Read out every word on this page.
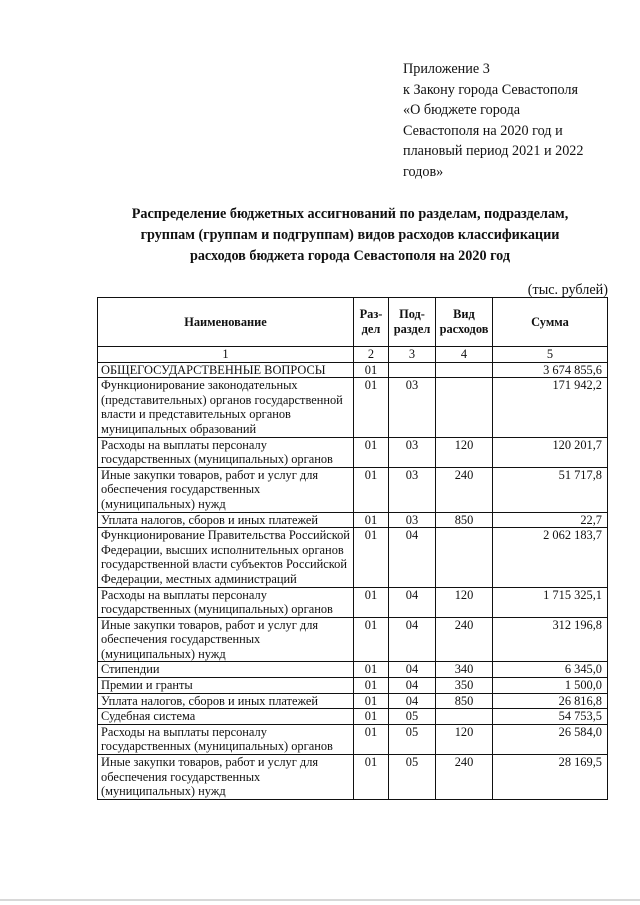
Приложение 3
к Закону города Севастополя
«О бюджете города
Севастополя на 2020 год и
плановый период 2021 и 2022
годов»
Распределение бюджетных ассигнований по разделам, подразделам,
группам (группам и подгруппам) видов расходов классификации
расходов бюджета города Севастополя на 2020 год
(тыс. рублей)
Наименование	Раз-дел	Под-раздел	Вид расходов	Сумма
1	2	3	4	5
ОБЩЕГОСУДАРСТВЕННЫЕ ВОПРОСЫ	01			3 674 855,6
Функционирование законодательных (представительных) органов государственной власти и представительных органов муниципальных образований	01	03		171 942,2
Расходы на выплаты персоналу государственных (муниципальных) органов	01	03	120	120 201,7
Иные закупки товаров, работ и услуг для обеспечения государственных (муниципальных) нужд	01	03	240	51 717,8
Уплата налогов, сборов и иных платежей	01	03	850	22,7
Функционирование Правительства Российской Федерации, высших исполнительных органов государственной власти субъектов Российской Федерации, местных администраций	01	04		2 062 183,7
Расходы на выплаты персоналу государственных (муниципальных) органов	01	04	120	1 715 325,1
Иные закупки товаров, работ и услуг для обеспечения государственных (муниципальных) нужд	01	04	240	312 196,8
Стипендии	01	04	340	6 345,0
Премии и гранты	01	04	350	1 500,0
Уплата налогов, сборов и иных платежей	01	04	850	26 816,8
Судебная система	01	05		54 753,5
Расходы на выплаты персоналу государственных (муниципальных) органов	01	05	120	26 584,0
Иные закупки товаров, работ и услуг для обеспечения государственных (муниципальных) нужд	01	05	240	28 169,5
